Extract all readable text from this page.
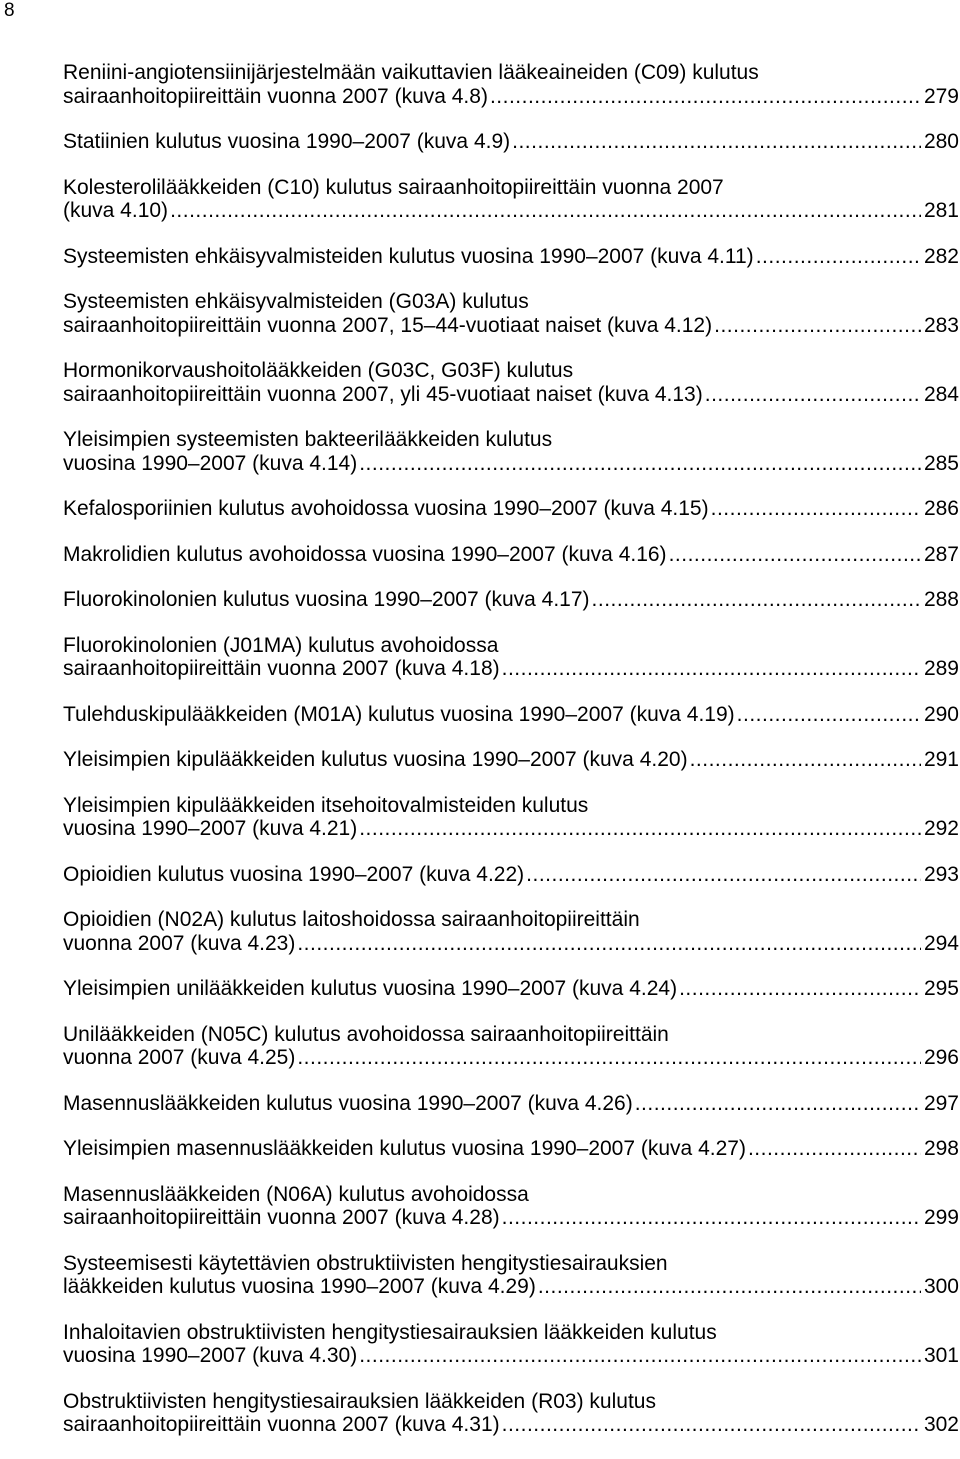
8
Reniini-angiotensiinijärjestelmään vaikuttavien lääkeaineiden (C09) kulutus
sairaanhoitopiireittäin vuonna 2007 (kuva 4.8) .....	279
Statiinien kulutus vuosina 1990–2007 (kuva 4.9) .....	280
Kolesterolilääkkeiden (C10) kulutus sairaanhoitopiireittäin vuonna 2007
(kuva 4.10) .....	281
Systeemisten ehkäisyvalmisteiden kulutus vuosina 1990–2007 (kuva 4.11) .....	282
Systeemisten ehkäisyvalmisteiden (G03A) kulutus
sairaanhoitopiireittäin vuonna 2007, 15–44-vuotiaat naiset (kuva 4.12) .....	283
Hormonikorvaushoitolääkkeiden (G03C, G03F) kulutus
sairaanhoitopiireittäin vuonna 2007, yli 45-vuotiaat naiset (kuva 4.13) .....	284
Yleisimpien systeemisten bakteerilääkkeiden kulutus
vuosina 1990–2007 (kuva 4.14) .....	285
Kefalosporiinien kulutus avohoidossa vuosina 1990–2007 (kuva 4.15) .....	286
Makrolidien kulutus avohoidossa vuosina 1990–2007 (kuva 4.16) .....	287
Fluorokinolonien kulutus vuosina 1990–2007 (kuva 4.17) .....	288
Fluorokinolonien (J01MA) kulutus avohoidossa
sairaanhoitopiireittäin vuonna 2007 (kuva 4.18) .....	289
Tulehduskipulääkkeiden (M01A) kulutus vuosina 1990–2007 (kuva 4.19) .....	290
Yleisimpien kipulääkkeiden kulutus vuosina 1990–2007 (kuva 4.20) .....	291
Yleisimpien kipulääkkeiden itsehoitovalmisteiden kulutus
vuosina 1990–2007 (kuva 4.21) .....	292
Opioidien kulutus vuosina 1990–2007 (kuva 4.22) .....	293
Opioidien (N02A) kulutus laitoshoidossa sairaanhoitopiireittäin
vuonna 2007 (kuva 4.23) .....	294
Yleisimpien unilääkkeiden kulutus vuosina 1990–2007 (kuva 4.24) .....	295
Unilääkkeiden (N05C) kulutus avohoidossa sairaanhoitopiireittäin
vuonna 2007 (kuva 4.25) .....	296
Masennuslääkkeiden kulutus vuosina 1990–2007 (kuva 4.26) .....	297
Yleisimpien masennuslääkkeiden kulutus vuosina 1990–2007 (kuva 4.27) .....	298
Masennuslääkkeiden (N06A) kulutus avohoidossa
sairaanhoitopiireittäin vuonna 2007 (kuva 4.28) .....	299
Systeemisesti käytettävien obstruktiivisten hengitystiesairauksien
lääkkeiden kulutus vuosina 1990–2007 (kuva 4.29) .....	300
Inhaloitavien obstruktiivisten hengitystiesairauksien lääkkeiden kulutus
vuosina 1990–2007 (kuva 4.30) .....	301
Obstruktiivisten hengitystiesairauksien lääkkeiden (R03) kulutus
sairaanhoitopiireittäin vuonna 2007 (kuva 4.31) .....	302
